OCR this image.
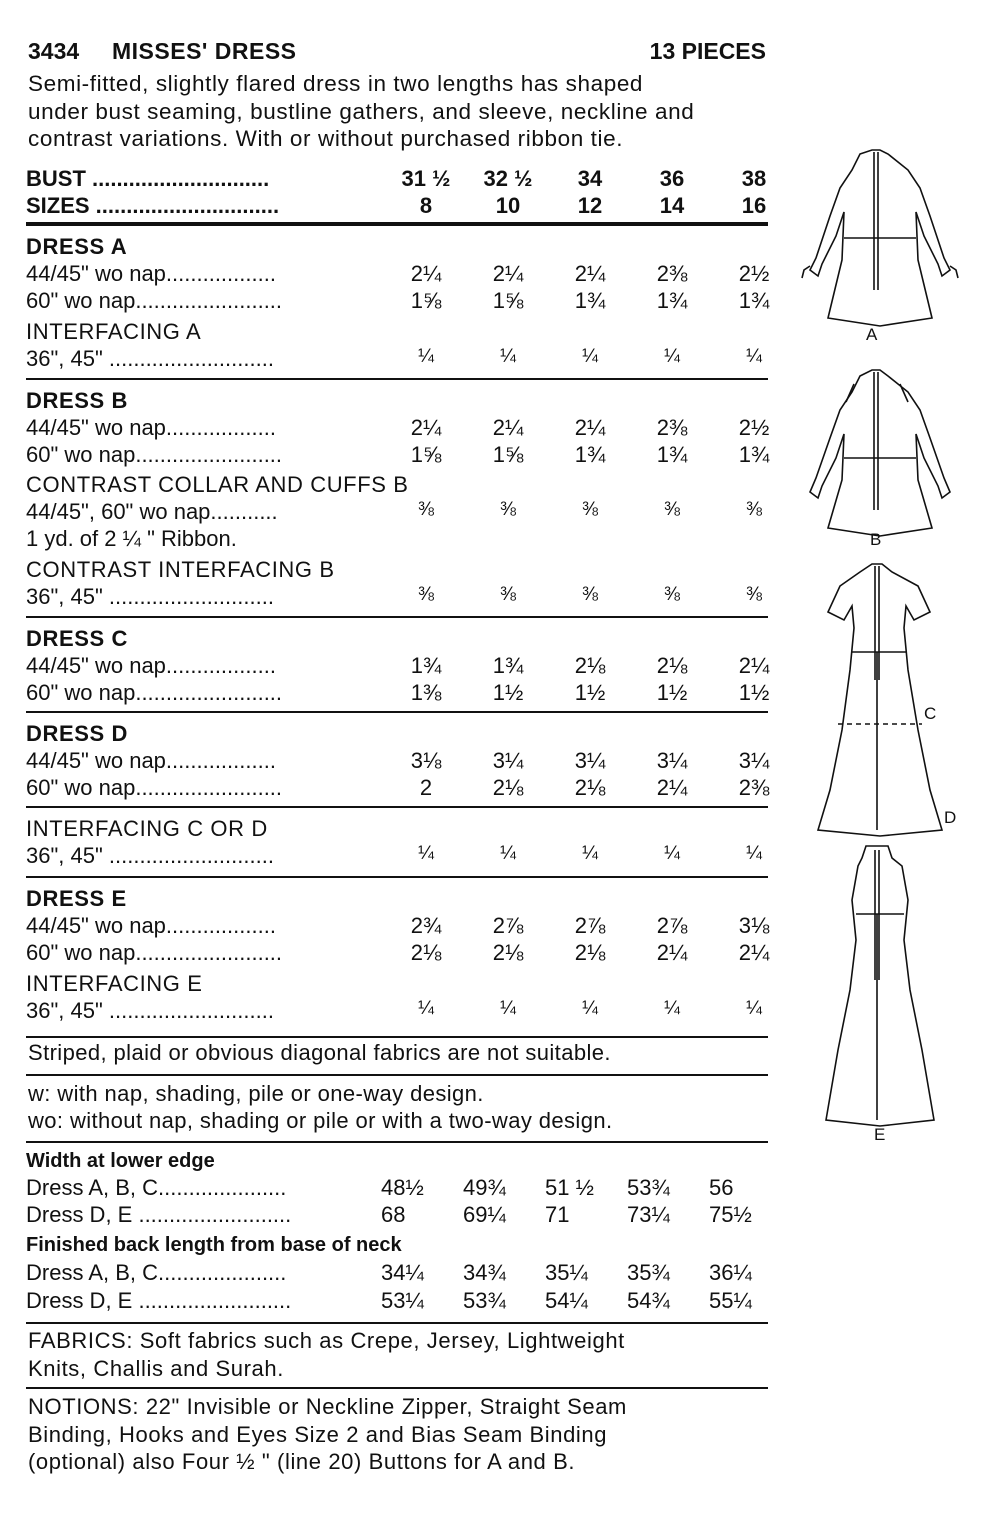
3434 MISSES' DRESS	13 PIECES
Semi-fitted, slightly flared dress in two lengths has shaped
under bust seaming, bustline gathers, and sleeve, neckline and
contrast variations. With or without purchased ribbon tie.
Striped, plaid or obvious diagonal fabrics are not suitable.
w: with nap, shading, pile or one-way design.
wo: without nap, shading or pile or with a two-way design.
FABRICS: Soft fabrics such as Crepe, Jersey, Lightweight
Knits, Challis and Surah.
NOTIONS: 22" Invisible or Neckline Zipper, Straight Seam
Binding, Hooks and Eyes Size 2 and Bias Seam Binding
(optional) also Four ½ " (line 20) Buttons for A and B.
A
B
C
D
E
BUST .............................	31 ½	32 ½	34	36	38
SIZES ..............................	8	10	12	14	16
DRESS A
44/45" wo nap..................	2¼	2¼	2¼	2⅜	2½
60" wo nap........................	1⅝	1⅝	1¾	1¾	1¾
INTERFACING A
36", 45" ...........................	¼	¼	¼	¼	¼
DRESS B
44/45" wo nap..................	2¼	2¼	2¼	2⅜	2½
60" wo nap........................	1⅝	1⅝	1¾	1¾	1¾
CONTRAST COLLAR AND CUFFS B
44/45", 60" wo nap...........	⅜	⅜	⅜	⅜	⅜
1 yd. of 2 ¼ " Ribbon.
CONTRAST INTERFACING B
36", 45" ...........................	⅜	⅜	⅜	⅜	⅜
DRESS C
44/45" wo nap..................	1¾	1¾	2⅛	2⅛	2¼
60" wo nap........................	1⅜	1½	1½	1½	1½
DRESS D
44/45" wo nap..................	3⅛	3¼	3¼	3¼	3¼
60" wo nap........................	2	2⅛	2⅛	2¼	2⅜
INTERFACING C OR D
36", 45" ...........................	¼	¼	¼	¼	¼
DRESS E
44/45" wo nap..................	2¾	2⅞	2⅞	2⅞	3⅛
60" wo nap........................	2⅛	2⅛	2⅛	2¼	2¼
INTERFACING E
36", 45" ...........................	¼	¼	¼	¼	¼
Width at lower edge
Dress A, B, C.....................	48½	49¾	51 ½	53¾	56
Dress D, E .........................	68	69¼	71	73¼	75½
Finished back length from base of neck
Dress A, B, C.....................	34¼	34¾	35¼	35¾	36¼
Dress D, E .........................	53¼	53¾	54¼	54¾	55¼
